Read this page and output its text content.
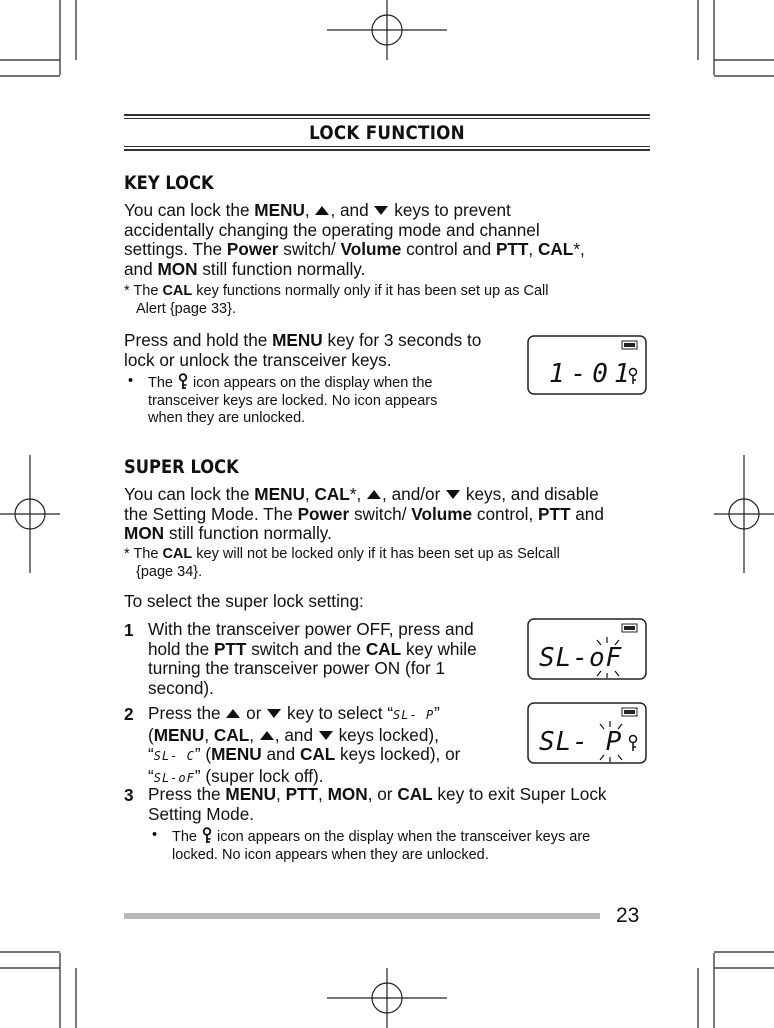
LOCK FUNCTION
KEY LOCK
You can lock the MENU, , and  keys to prevent
accidentally changing the operating mode and channel
settings. The Power switch/ Volume control and PTT, CAL*,
and MON still function normally.
* The CAL key functions normally only if it has been set up as Call
Alert {page 33}.
Press and hold the MENU key for 3 seconds to
lock or unlock the transceiver keys.
• The  icon appears on the display when the
transceiver keys are locked. No icon appears
when they are unlocked.
1-01
SUPER LOCK
You can lock the MENU, CAL*, , and/or  keys, and disable
the Setting Mode. The Power switch/ Volume control, PTT and
MON still function normally.
* The CAL key will not be locked only if it has been set up as Selcall
{page 34}.
To select the super lock setting:
1 With the transceiver power OFF, press and
hold the PTT switch and the CAL key while
turning the transceiver power ON (for 1
second).
2 Press the  or  key to select “SL- P”
(MENU, CAL, , and  keys locked),
“SL- C” (MENU and CAL keys locked), or
“SL-oF” (super lock off).
3 Press the MENU, PTT, MON, or CAL key to exit Super Lock
Setting Mode.
• The  icon appears on the display when the transceiver keys are
locked. No icon appears when they are unlocked.
SL-oF
SL- P
23
